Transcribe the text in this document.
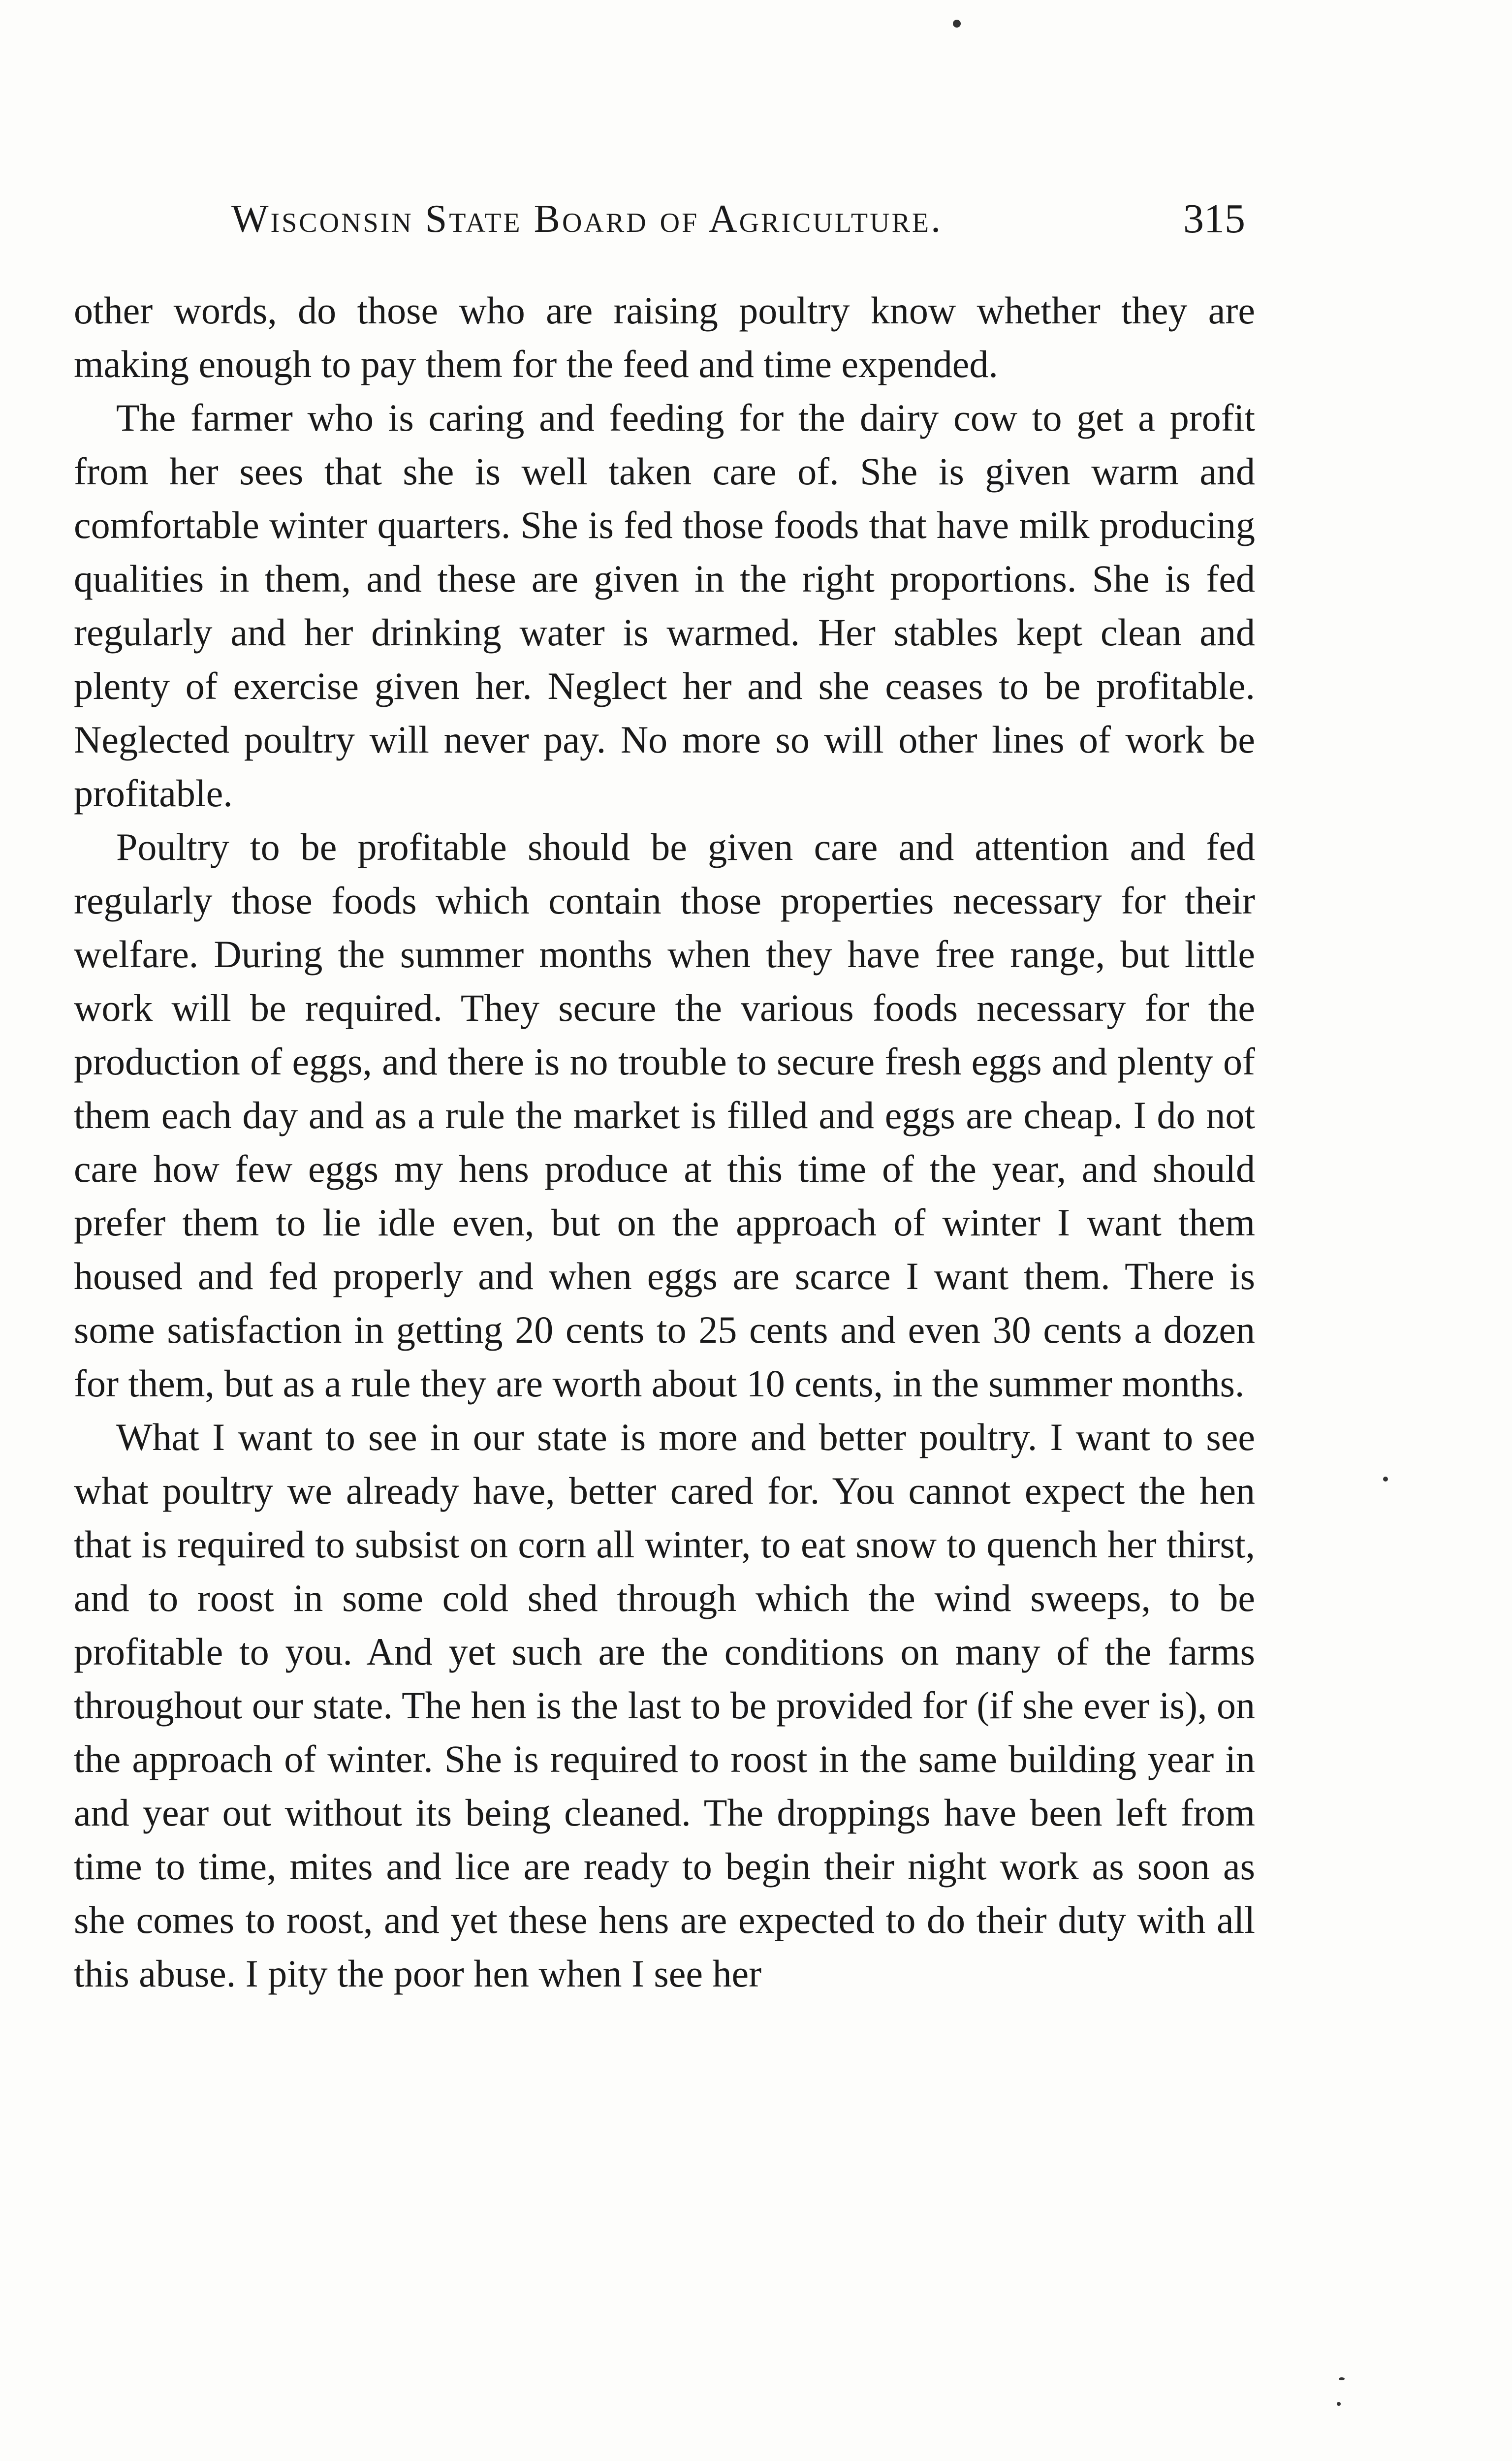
Wisconsin State Board of Agriculture.	315

other words, do those who are raising poultry know whether they are making enough to pay them for the feed and time expended.

The farmer who is caring and feeding for the dairy cow to get a profit from her sees that she is well taken care of. She is given warm and comfortable winter quarters. She is fed those foods that have milk producing qualities in them, and these are given in the right proportions. She is fed regularly and her drinking water is warmed. Her stables kept clean and plenty of exercise given her. Neglect her and she ceases to be profitable. Neglected poultry will never pay. No more so will other lines of work be profitable.

Poultry to be profitable should be given care and attention and fed regularly those foods which contain those properties necessary for their welfare. During the summer months when they have free range, but little work will be required. They secure the various foods necessary for the production of eggs, and there is no trouble to secure fresh eggs and plenty of them each day and as a rule the market is filled and eggs are cheap. I do not care how few eggs my hens produce at this time of the year, and should prefer them to lie idle even, but on the approach of winter I want them housed and fed properly and when eggs are scarce I want them. There is some satisfaction in getting 20 cents to 25 cents and even 30 cents a dozen for them, but as a rule they are worth about 10 cents, in the summer months.

What I want to see in our state is more and better poultry. I want to see what poultry we already have, better cared for. You cannot expect the hen that is required to subsist on corn all winter, to eat snow to quench her thirst, and to roost in some cold shed through which the wind sweeps, to be profitable to you. And yet such are the conditions on many of the farms throughout our state. The hen is the last to be provided for (if she ever is), on the approach of winter. She is required to roost in the same building year in and year out without its being cleaned. The droppings have been left from time to time, mites and lice are ready to begin their night work as soon as she comes to roost, and yet these hens are expected to do their duty with all this abuse. I pity the poor hen when I see her
